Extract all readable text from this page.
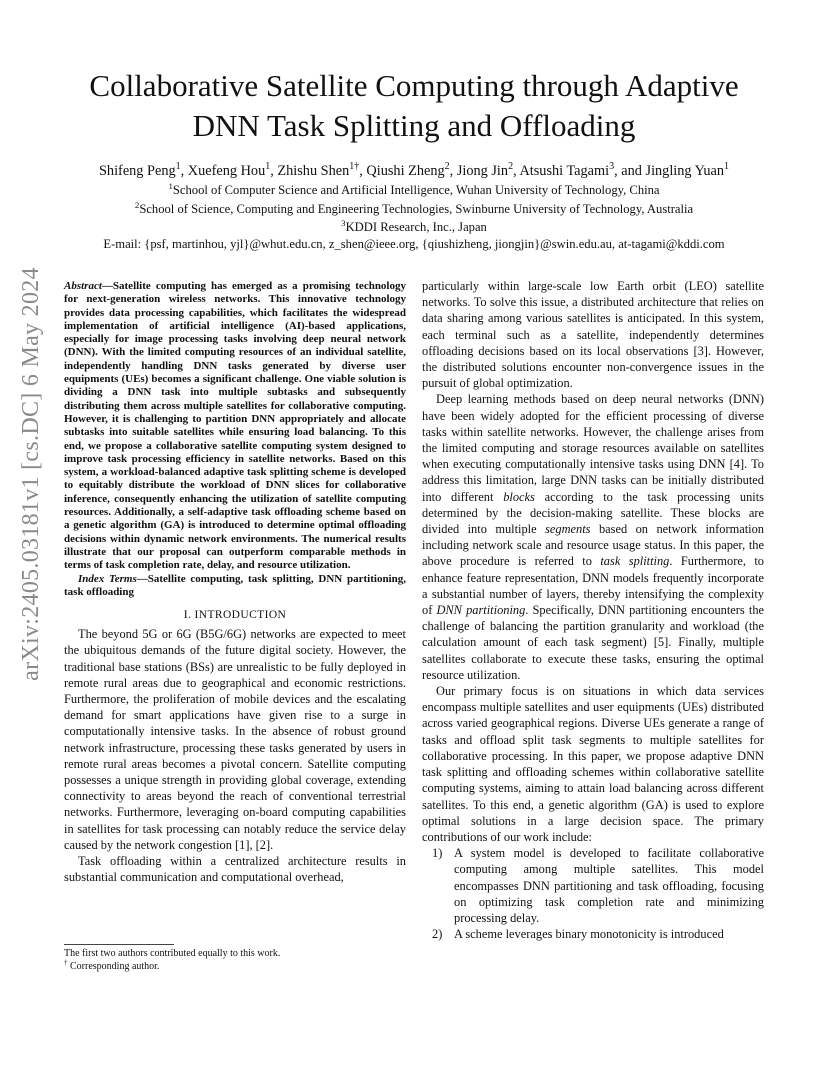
arXiv:2405.03181v1 [cs.DC] 6 May 2024
Collaborative Satellite Computing through Adaptive
DNN Task Splitting and Offloading
Shifeng Peng$^1$, Xuefeng Hou$^1$, Zhishu Shen$^{1\dagger}$, Qiushi Zheng$^2$, Jiong Jin$^2$, Atsushi Tagami$^3$, and Jingling Yuan$^1$
$^1$School of Computer Science and Artificial Intelligence, Wuhan University of Technology, China
$^2$School of Science, Computing and Engineering Technologies, Swinburne University of Technology, Australia
$^3$KDDI Research, Inc., Japan
E-mail: {psf, martinhou, yjl}@whut.edu.cn, z_shen@ieee.org, {qiushizheng, jiongjin}@swin.edu.au, at-tagami@kddi.com

Abstract—Satellite computing has emerged as a promising technology for next-generation wireless networks. This innovative technology provides data processing capabilities, which facilitates the widespread implementation of artificial intelligence (AI)-based applications, especially for image processing tasks involving deep neural network (DNN). With the limited computing resources of an individual satellite, independently handling DNN tasks generated by diverse user equipments (UEs) becomes a significant challenge. One viable solution is dividing a DNN task into multiple subtasks and subsequently distributing them across multiple satellites for collaborative computing. However, it is challenging to partition DNN appropriately and allocate subtasks into suitable satellites while ensuring load balancing. To this end, we propose a collaborative satellite computing system designed to improve task processing efficiency in satellite networks. Based on this system, a workload-balanced adaptive task splitting scheme is developed to equitably distribute the workload of DNN slices for collaborative inference, consequently enhancing the utilization of satellite computing resources. Additionally, a self-adaptive task offloading scheme based on a genetic algorithm (GA) is introduced to determine optimal offloading decisions within dynamic network environments. The numerical results illustrate that our proposal can outperform comparable methods in terms of task completion rate, delay, and resource utilization.

Index Terms—Satellite computing, task splitting, DNN partitioning, task offloading

I. INTRODUCTION

The beyond 5G or 6G (B5G/6G) networks are expected to meet the ubiquitous demands of the future digital society. However, the traditional base stations (BSs) are unrealistic to be fully deployed in remote rural areas due to geographical and economic restrictions. Furthermore, the proliferation of mobile devices and the escalating demand for smart applications have given rise to a surge in computationally intensive tasks. In the absence of robust ground network infrastructure, processing these tasks generated by users in remote rural areas becomes a pivotal concern. Satellite computing possesses a unique strength in providing global coverage, extending connectivity to areas beyond the reach of conventional terrestrial networks. Furthermore, leveraging on-board computing capabilities in satellites for task processing can notably reduce the service delay caused by the network congestion [1], [2].

Task offloading within a centralized architecture results in substantial communication and computational overhead,

The first two authors contributed equally to this work.
† Corresponding author.

particularly within large-scale low Earth orbit (LEO) satellite networks. To solve this issue, a distributed architecture that relies on data sharing among various satellites is anticipated. In this system, each terminal such as a satellite, independently determines offloading decisions based on its local observations [3]. However, the distributed solutions encounter non-convergence issues in the pursuit of global optimization.

Deep learning methods based on deep neural networks (DNN) have been widely adopted for the efficient processing of diverse tasks within satellite networks. However, the challenge arises from the limited computing and storage resources available on satellites when executing computationally intensive tasks using DNN [4]. To address this limitation, large DNN tasks can be initially distributed into different blocks according to the task processing units determined by the decision-making satellite. These blocks are divided into multiple segments based on network information including network scale and resource usage status. In this paper, the above procedure is referred to task splitting. Furthermore, to enhance feature representation, DNN models frequently incorporate a substantial number of layers, thereby intensifying the complexity of DNN partitioning. Specifically, DNN partitioning encounters the challenge of balancing the partition granularity and workload (the calculation amount of each task segment) [5]. Finally, multiple satellites collaborate to execute these tasks, ensuring the optimal resource utilization.

Our primary focus is on situations in which data services encompass multiple satellites and user equipments (UEs) distributed across varied geographical regions. Diverse UEs generate a range of tasks and offload split task segments to multiple satellites for collaborative processing. In this paper, we propose adaptive DNN task splitting and offloading schemes within collaborative satellite computing systems, aiming to attain load balancing across different satellites. To this end, a genetic algorithm (GA) is used to explore optimal solutions in a large decision space. The primary contributions of our work include:

1) A system model is developed to facilitate collaborative computing among multiple satellites. This model encompasses DNN partitioning and task offloading, focusing on optimizing task completion rate and minimizing processing delay.
2) A scheme leverages binary monotonicity is introduced
